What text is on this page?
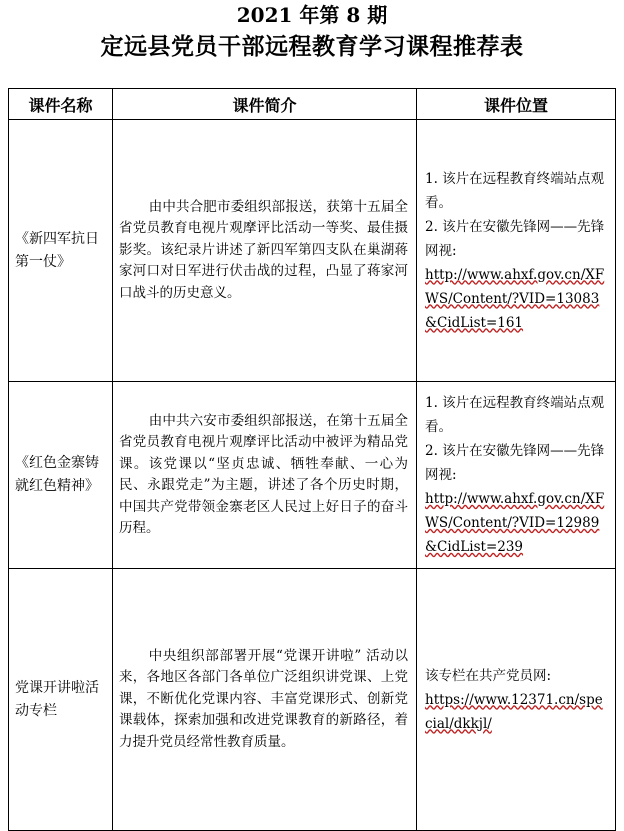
2021 年第 8 期
定远县党员干部远程教育学习课程推荐表
课件名称	课件简介	课件位置
《新四军抗日第一仗》	由中共合肥市委组织部报送，获第十五届全省党员教育电视片观摩评比活动一等奖、最佳摄影奖。该纪录片讲述了新四军第四支队在巢湖蒋家河口对日军进行伏击战的过程，凸显了蒋家河口战斗的历史意义。	1. 该片在远程教育终端站点观看。
2. 该片在安徽先锋网——先锋网视:
http://www.ahxf.gov.cn/XFWS/Content/?VID=13083&CidList=161

《红色金寨铸就红色精神》	由中共六安市委组织部报送，在第十五届全省党员教育电视片观摩评比活动中被评为精品党课。该党课以“坚贞忠诚、牺牲奉献、一心为民、永跟党走”为主题，讲述了各个历史时期，中国共产党带领金寨老区人民过上好日子的奋斗历程。	1. 该片在远程教育终端站点观看。
2. 该片在安徽先锋网——先锋网视:
http://www.ahxf.gov.cn/XFWS/Content/?VID=12989&CidList=239

党课开讲啦活动专栏	中央组织部部署开展“党课开讲啦” 活动以来，各地区各部门各单位广泛组织讲党课、上党课，不断优化党课内容、丰富党课形式、创新党课载体，探索加强和改进党课教育的新路径，着力提升党员经常性教育质量。	该专栏在共产党员网:
https://www.12371.cn/special/dkkjl/
